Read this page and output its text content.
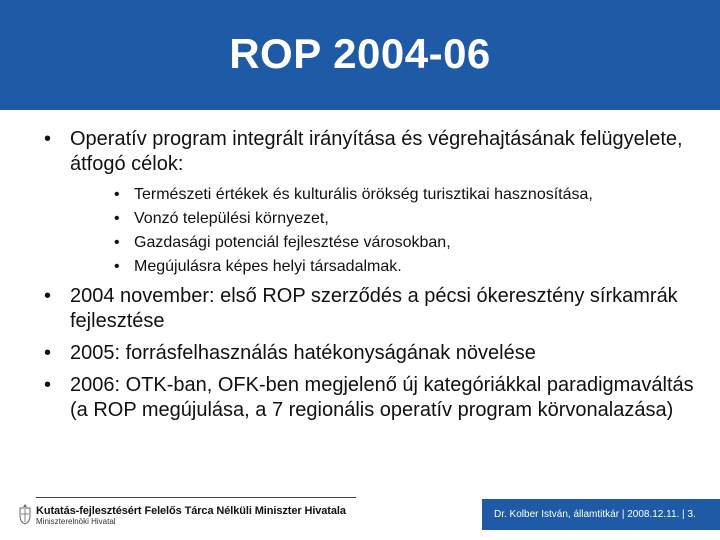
ROP 2004-06
• Operatív program integrált irányítása és végrehajtásának felügyelete, átfogó célok:
• Természeti értékek és kulturális örökség turisztikai hasznosítása,
• Vonzó települési környezet,
• Gazdasági potenciál fejlesztése városokban,
• Megújulásra képes helyi társadalmak.
• 2004 november: első ROP szerződés a pécsi ókeresztény sírkamrák fejlesztése
• 2005: forrásfelhasználás hatékonyságának növelése
• 2006: OTK-ban, OFK-ben megjelenő új kategóriákkal paradigmaváltás (a ROP megújulása, a 7 regionális operatív program körvonalazása)
Kutatás-fejlesztésért Felelős Tárca Nélküli Miniszter Hivatala
Miniszterelnöki Hivatal
Dr. Kolber István, államtitkár | 2008.12.11. | 3.
